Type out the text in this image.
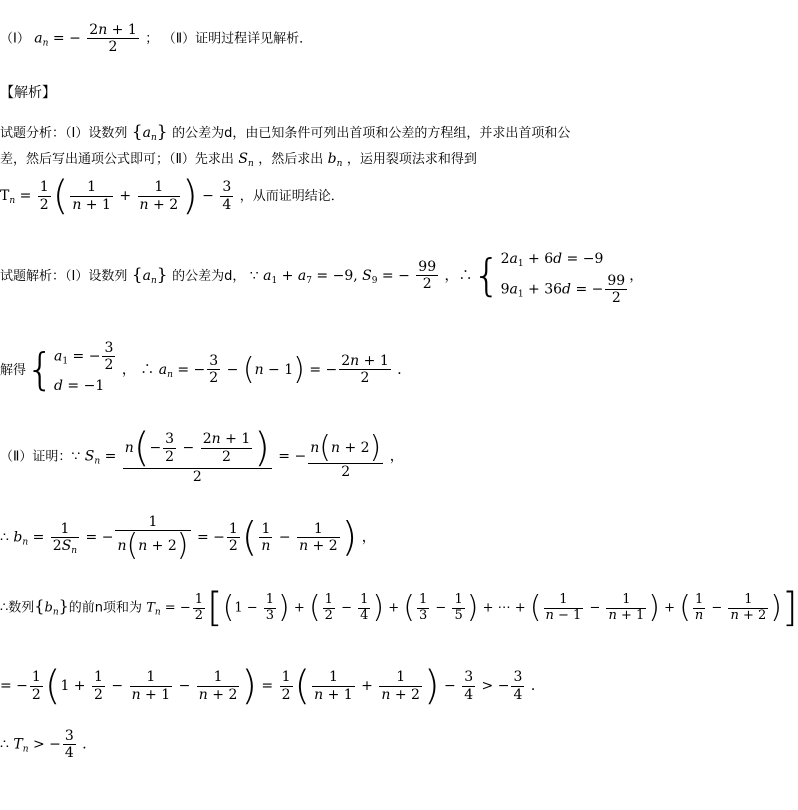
（Ⅰ） $a_n$ = − $\frac{2n + 1}{2}$ ； （Ⅱ）证明过程详见解析．
【解析】
试题分析：（Ⅰ）设数列 $\{a_n\}$ 的公差为d，由已知条件可列出首项和公差的方程组，并求出首项和公
差，然后写出通项公式即可；（Ⅱ）先求出 $S_n$ ，然后求出 $b_n$ ，运用裂项法求和得到
$T_n = \frac{1}{2}$ ( $\frac{1}{n + 1} + \frac{1}{n + 2}$ ) − $\frac{3}{4}$ ，从而证明结论．
试题解析：（Ⅰ）设数列 $\{a_n\}$ 的公差为d， ∵ $a_1 + a_7 = -9$, $S_9$ = − $\frac{99}{2}$ ，∴{ $2a_1 + 6d = -9$
$9a_1 + 36d$ = − $\frac{99}{2}$ ，
解得{ $a_1$ = − $\frac{3}{2}$
d = −1
， ∴ $a_n$ = − $\frac{3}{2} - (n - 1)$ = − $\frac{2n + 1}{2}$ ．
（Ⅱ）证明：∵ $S_n = \frac{n(- \frac{3}{2} - \frac{2n + 1}{2} )}{2}$ = − $\frac{n(n + 2)}{2}$ ，
∴ $b_n = \frac{1}{2S_n}$ = − $\frac{1}{n(n + 2)}$ = − $\frac{1}{2}$ ( $\frac{1}{n} - \frac{1}{n + 2}$ ) ，
∴数列$\{b_n\}$的前n项和为 $T_n$ = − $\frac{1}{2} [(1 - \frac{1}{3}$ ) + ( $\frac{1}{2} - \frac{1}{4}$ ) + ( $\frac{1}{3} - \frac{1}{5}$ ) + ⋯ + ( $\frac{1}{n - 1} - \frac{1}{n + 1}$ ) + ( $\frac{1}{n} - \frac{1}{n + 2}$ )]
= − $\frac{1}{2} (1 + \frac{1}{2} - \frac{1}{n + 1} - \frac{1}{n + 2}$ ) = $\frac{1}{2}$ ( $\frac{1}{n + 1} + \frac{1}{n + 2}$ ) − $\frac{3}{4}$ > − $\frac{3}{4}$ ．
∴ $T_n$ > − $\frac{3}{4}$ ．
